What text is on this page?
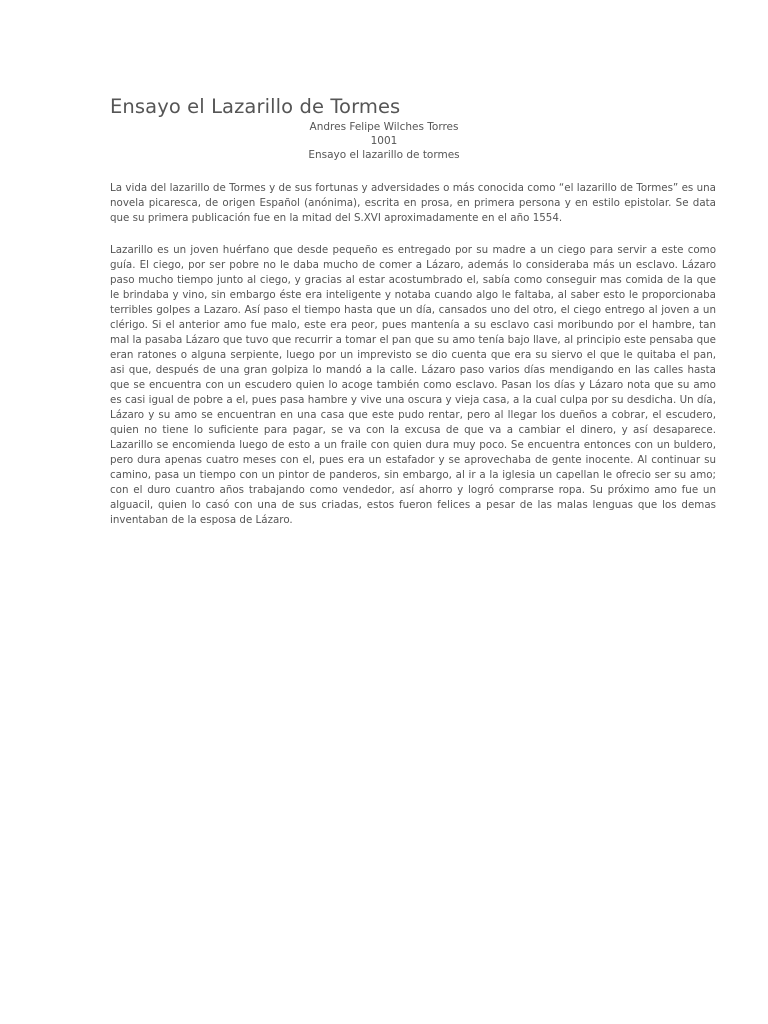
Ensayo el Lazarillo de Tormes
Andres Felipe Wilches Torres
1001
Ensayo el lazarillo de tormes

La vida del lazarillo de Tormes y de sus fortunas y adversidades o más conocida como “el lazarillo de Tormes” es una novela picaresca, de origen Español (anónima), escrita en prosa, en primera persona y en estilo epistolar. Se data que su primera publicación fue en la mitad del S.XVI aproximadamente en el año 1554.

Lazarillo es un joven huérfano que desde pequeño es entregado por su madre a un ciego para servir a este como guía. El ciego, por ser pobre no le daba mucho de comer a Lázaro, además lo consideraba más un esclavo. Lázaro paso mucho tiempo junto al ciego, y gracias al estar acostumbrado el, sabía como conseguir mas comida de la que le brindaba y vino, sin embargo éste era inteligente y notaba cuando algo le faltaba, al saber esto le proporcionaba terribles golpes a Lazaro. Así paso el tiempo hasta que un día, cansados uno del otro, el ciego entrego al joven a un clérigo. Si el anterior amo fue malo, este era peor, pues mantenía a su esclavo casi moribundo por el hambre, tan mal la pasaba Lázaro que tuvo que recurrir a tomar el pan que su amo tenía bajo llave, al principio este pensaba que eran ratones o alguna serpiente, luego por un imprevisto se dio cuenta que era su siervo el que le quitaba el pan, asi que, después de una gran golpiza lo mandó a la calle. Lázaro paso varios días mendigando en las calles hasta que se encuentra con un escudero quien lo acoge también como esclavo. Pasan los días y Lázaro nota que su amo es casi igual de pobre a el, pues pasa hambre y vive una oscura y vieja casa, a la cual culpa por su desdicha. Un día, Lázaro y su amo se encuentran en una casa que este pudo rentar, pero al llegar los dueños a cobrar, el escudero, quien no tiene lo suficiente para pagar, se va con la excusa de que va a cambiar el dinero, y así desaparece. Lazarillo se encomienda luego de esto a un fraile con quien dura muy poco. Se encuentra entonces con un buldero, pero dura apenas cuatro meses con el, pues era un estafador y se aprovechaba de gente inocente. Al continuar su camino, pasa un tiempo con un pintor de panderos, sin embargo, al ir a la iglesia un capellan le ofrecio ser su amo; con el duro cuantro años trabajando como vendedor, así ahorro y logró comprarse ropa. Su próximo amo fue un alguacil, quien lo casó con una de sus criadas, estos fueron felices a pesar de las malas lenguas que los demas inventaban de la esposa de Lázaro.
